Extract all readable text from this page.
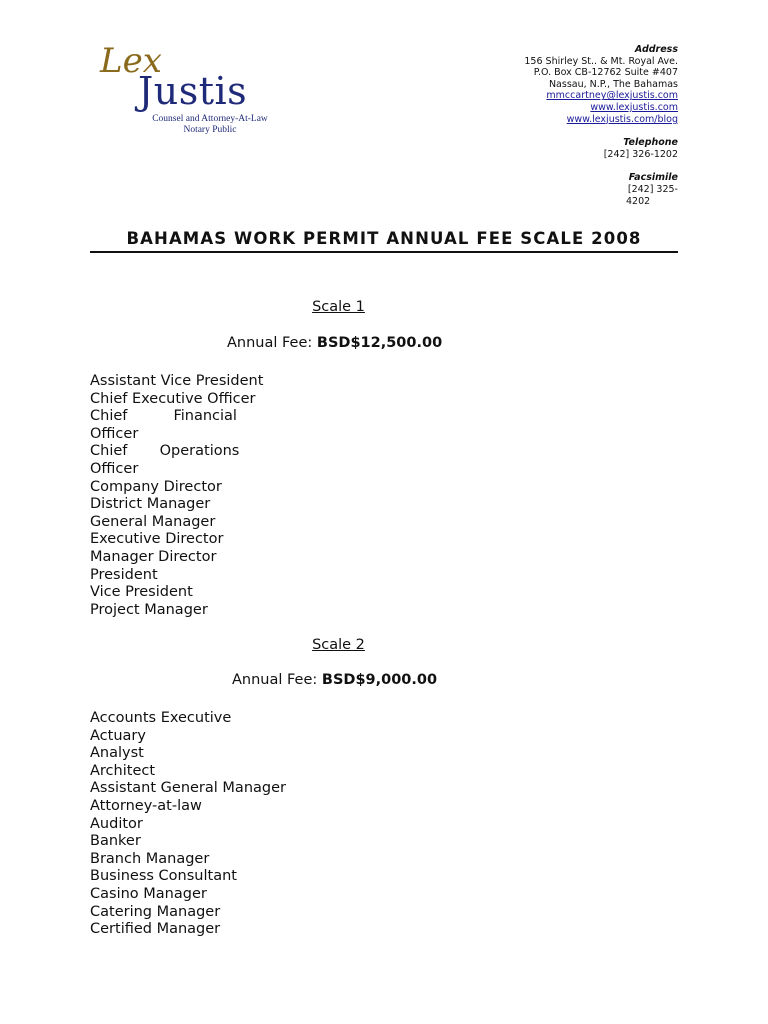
Lex
Justis
Counsel and Attorney-At-Law
Notary Public
Address
156 Shirley St.. & Mt. Royal Ave.
P.O. Box CB-12762 Suite #407
Nassau, N.P., The Bahamas
mmccartney@lexjustis.com
www.lexjustis.com
www.lexjustis.com/blog
Telephone
[242] 326-1202
Facsimile
[242] 325-
4202
BAHAMAS WORK PERMIT ANNUAL FEE SCALE 2008
Scale 1
Annual Fee: BSD$12,500.00
Assistant Vice President
Chief Executive Officer
Chief          Financial
Officer
Chief       Operations
Officer
Company Director
District Manager
General Manager
Executive Director
Manager Director
President
Vice President
Project Manager
Scale 2
Annual Fee: BSD$9,000.00
Accounts Executive
Actuary
Analyst
Architect
Assistant General Manager
Attorney-at-law
Auditor
Banker
Branch Manager
Business Consultant
Casino Manager
Catering Manager
Certified Manager
